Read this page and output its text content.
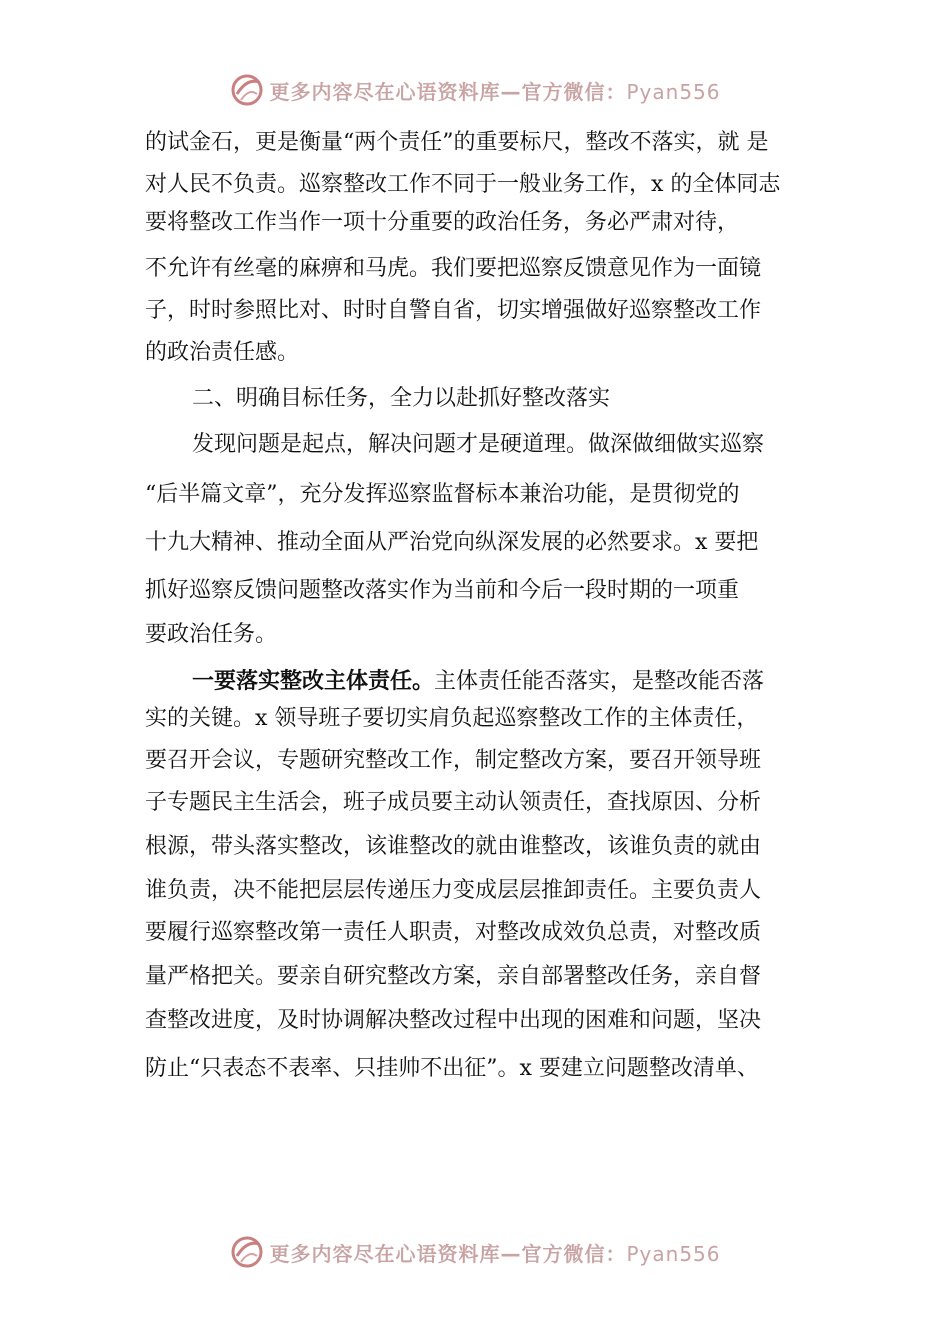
更多内容尽在心语资料库—官方微信：Pyan556
的试金石，更是衡量“两个责任”的重要标尺，整改不落实，就 是
对人民不负责。巡察整改工作不同于一般业务工作，x 的全体同志
要将整改工作当作一项十分重要的政治任务，务必严肃对待，
不允许有丝毫的麻痹和马虎。我们要把巡察反馈意见作为一面镜
子，时时参照比对、时时自警自省，切实增强做好巡察整改工作
的政治责任感。
二、明确目标任务，全力以赴抓好整改落实
发现问题是起点，解决问题才是硬道理。做深做细做实巡察
“后半篇文章”，充分发挥巡察监督标本兼治功能，是贯彻党的
十九大精神、推动全面从严治党向纵深发展的必然要求。x 要把
抓好巡察反馈问题整改落实作为当前和今后一段时期的一项重
要政治任务。
一要落实整改主体责任。主体责任能否落实，是整改能否落
实的关键。x 领导班子要切实肩负起巡察整改工作的主体责任，
要召开会议，专题研究整改工作，制定整改方案，要召开领导班
子专题民主生活会，班子成员要主动认领责任，查找原因、分析
根源，带头落实整改，该谁整改的就由谁整改，该谁负责的就由
谁负责，决不能把层层传递压力变成层层推卸责任。主要负责人
要履行巡察整改第一责任人职责，对整改成效负总责，对整改质
量严格把关。要亲自研究整改方案，亲自部署整改任务，亲自督
查整改进度，及时协调解决整改过程中出现的困难和问题，坚决
防止“只表态不表率、只挂帅不出征”。x 要建立问题整改清单、
更多内容尽在心语资料库—官方微信：Pyan556
